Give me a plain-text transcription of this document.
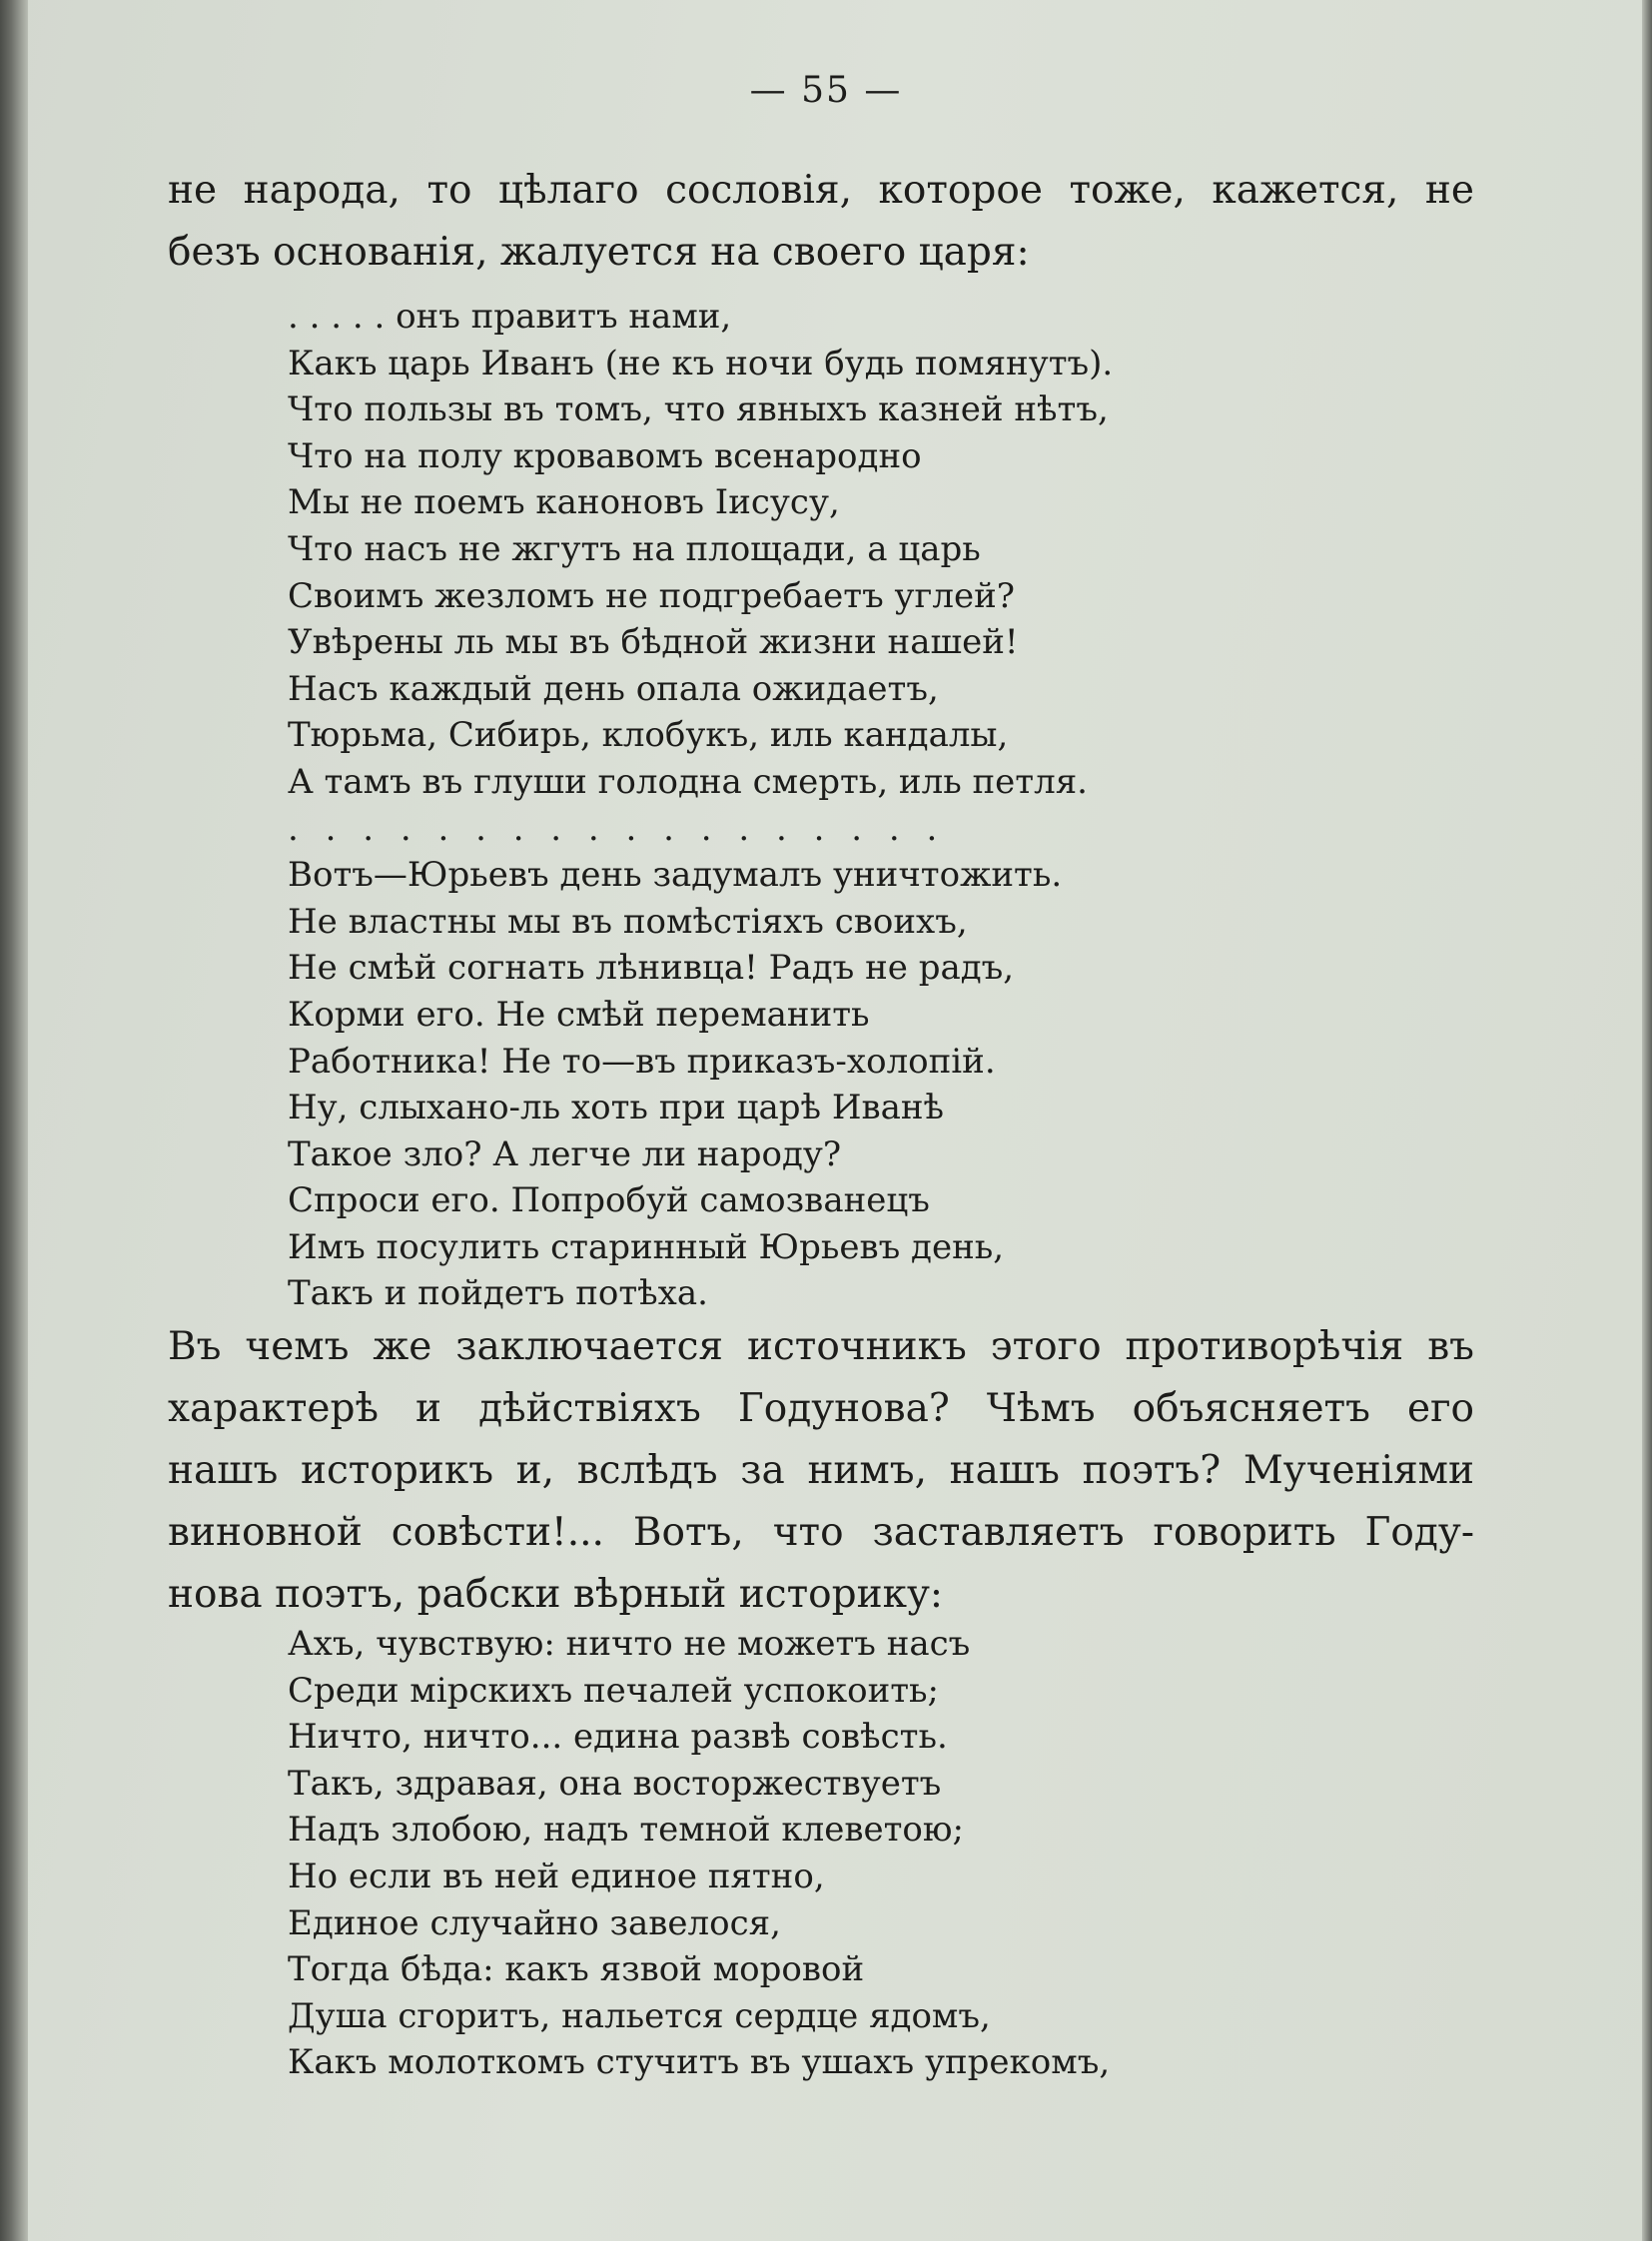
— 55 —

не народа, то цѣлаго сословія, которое тоже, кажется, не
безъ основанія, жалуется на своего царя:

. . . . . онъ правитъ нами,
Какъ царь Иванъ (не къ ночи будь помянутъ).
Что пользы въ томъ, что явныхъ казней нѣтъ,
Что на полу кровавомъ всенародно
Мы не поемъ канoновъ Іисусу,
Что насъ не жгутъ на площади, а царь
Своимъ жезломъ не подгребаетъ углей?
Увѣрены ль мы въ бѣдной жизни нашей!
Насъ каждый день опала ожидаетъ,
Тюрьма, Сибирь, клобукъ, иль кандалы,
А тамъ въ глуши голодна смерть, иль петля.
. . . . . . . . . . . . . . . . . .
Вотъ—Юрьевъ день задумалъ уничтожить.
Не властны мы въ помѣстіяхъ своихъ,
Не смѣй согнать лѣнивца! Радъ не радъ,
Корми его. Не смѣй переманить
Работника! Не то—въ приказъ-холопій.
Ну, слыхано-ль хоть при царѣ Иванѣ
Такое зло? А легче ли народу?
Спроси его. Попробуй самозванецъ
Имъ посулить старинный Юрьевъ день,
Такъ и пойдетъ потѣха.

Въ чемъ же заключается источникъ этого противорѣчія въ
характерѣ и дѣйствіяхъ Годунова? Чѣмъ объясняетъ его
нашъ историкъ и, вслѣдъ за нимъ, нашъ поэтъ? Мученіями
виновной совѣсти!... Вотъ, что заставляетъ говорить Году-
нова поэтъ, рабски вѣрный историку:

Ахъ, чувствую: ничто не можетъ насъ
Среди мірскихъ печалей успокоить;
Ничто, ничто... едина развѣ совѣсть.
Такъ, здравая, она восторжествуетъ
Надъ злобою, надъ темной клеветою;
Но если въ ней единое пятно,
Единое случайно завелося,
Тогда бѣда: какъ язвой моровой
Душа сгоритъ, нальется сердце ядомъ,
Какъ молоткомъ стучитъ въ ушахъ упрекомъ,
